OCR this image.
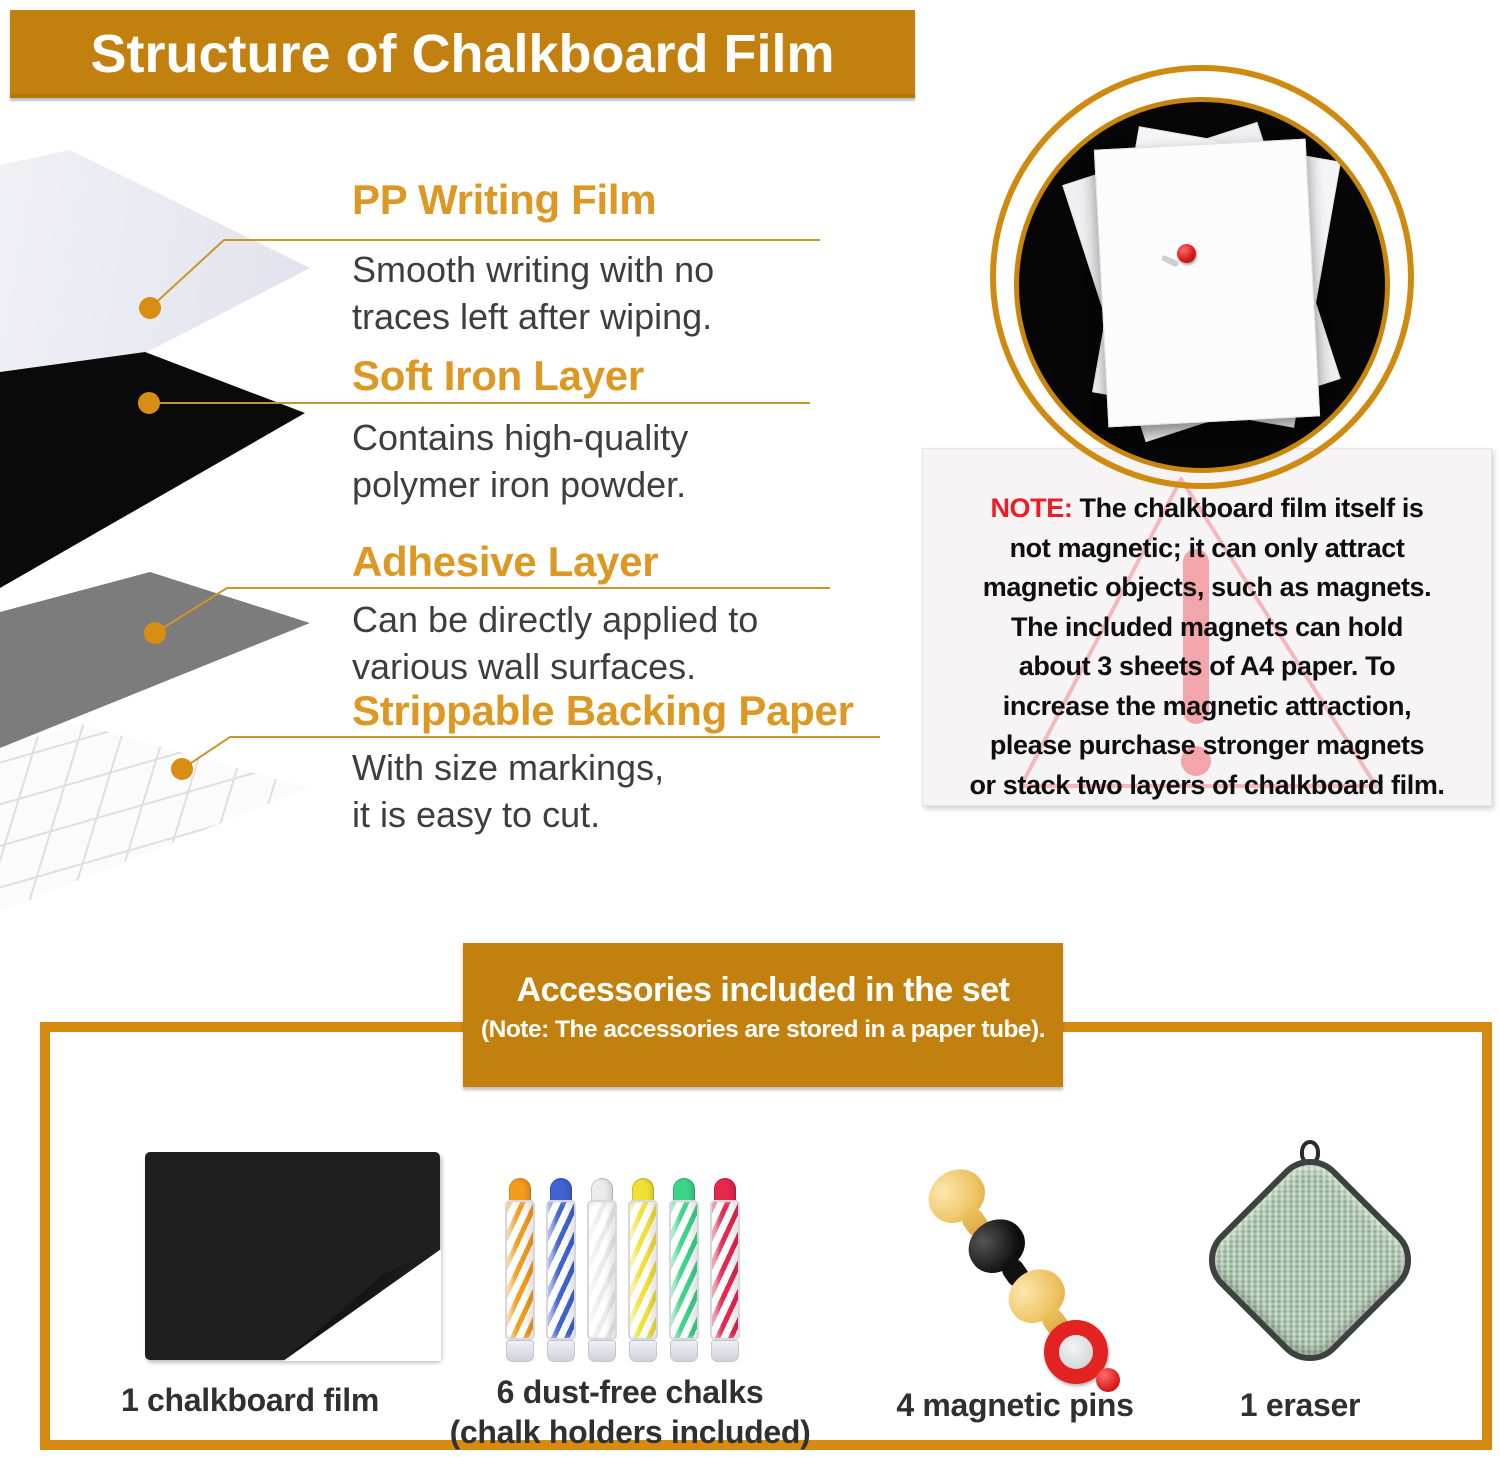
Structure of Chalkboard Film
PP Writing Film
Smooth writing with no
traces left after wiping.
Soft Iron Layer
Contains high-quality
polymer iron powder.
Adhesive Layer
Can be directly applied to
various wall surfaces.
Strippable Backing Paper
With size markings,
it is easy to cut.
NOTE: The chalkboard film itself is
not magnetic; it can only attract
magnetic objects, such as magnets.
The included magnets can hold
about 3 sheets of A4 paper. To
increase the magnetic attraction,
please purchase stronger magnets
or stack two layers of chalkboard film.
Accessories included in the set
(Note: The accessories are stored in a paper tube).
1 chalkboard film	6 dust-free chalks
(chalk holders included)
4 magnetic pins	1 eraser
